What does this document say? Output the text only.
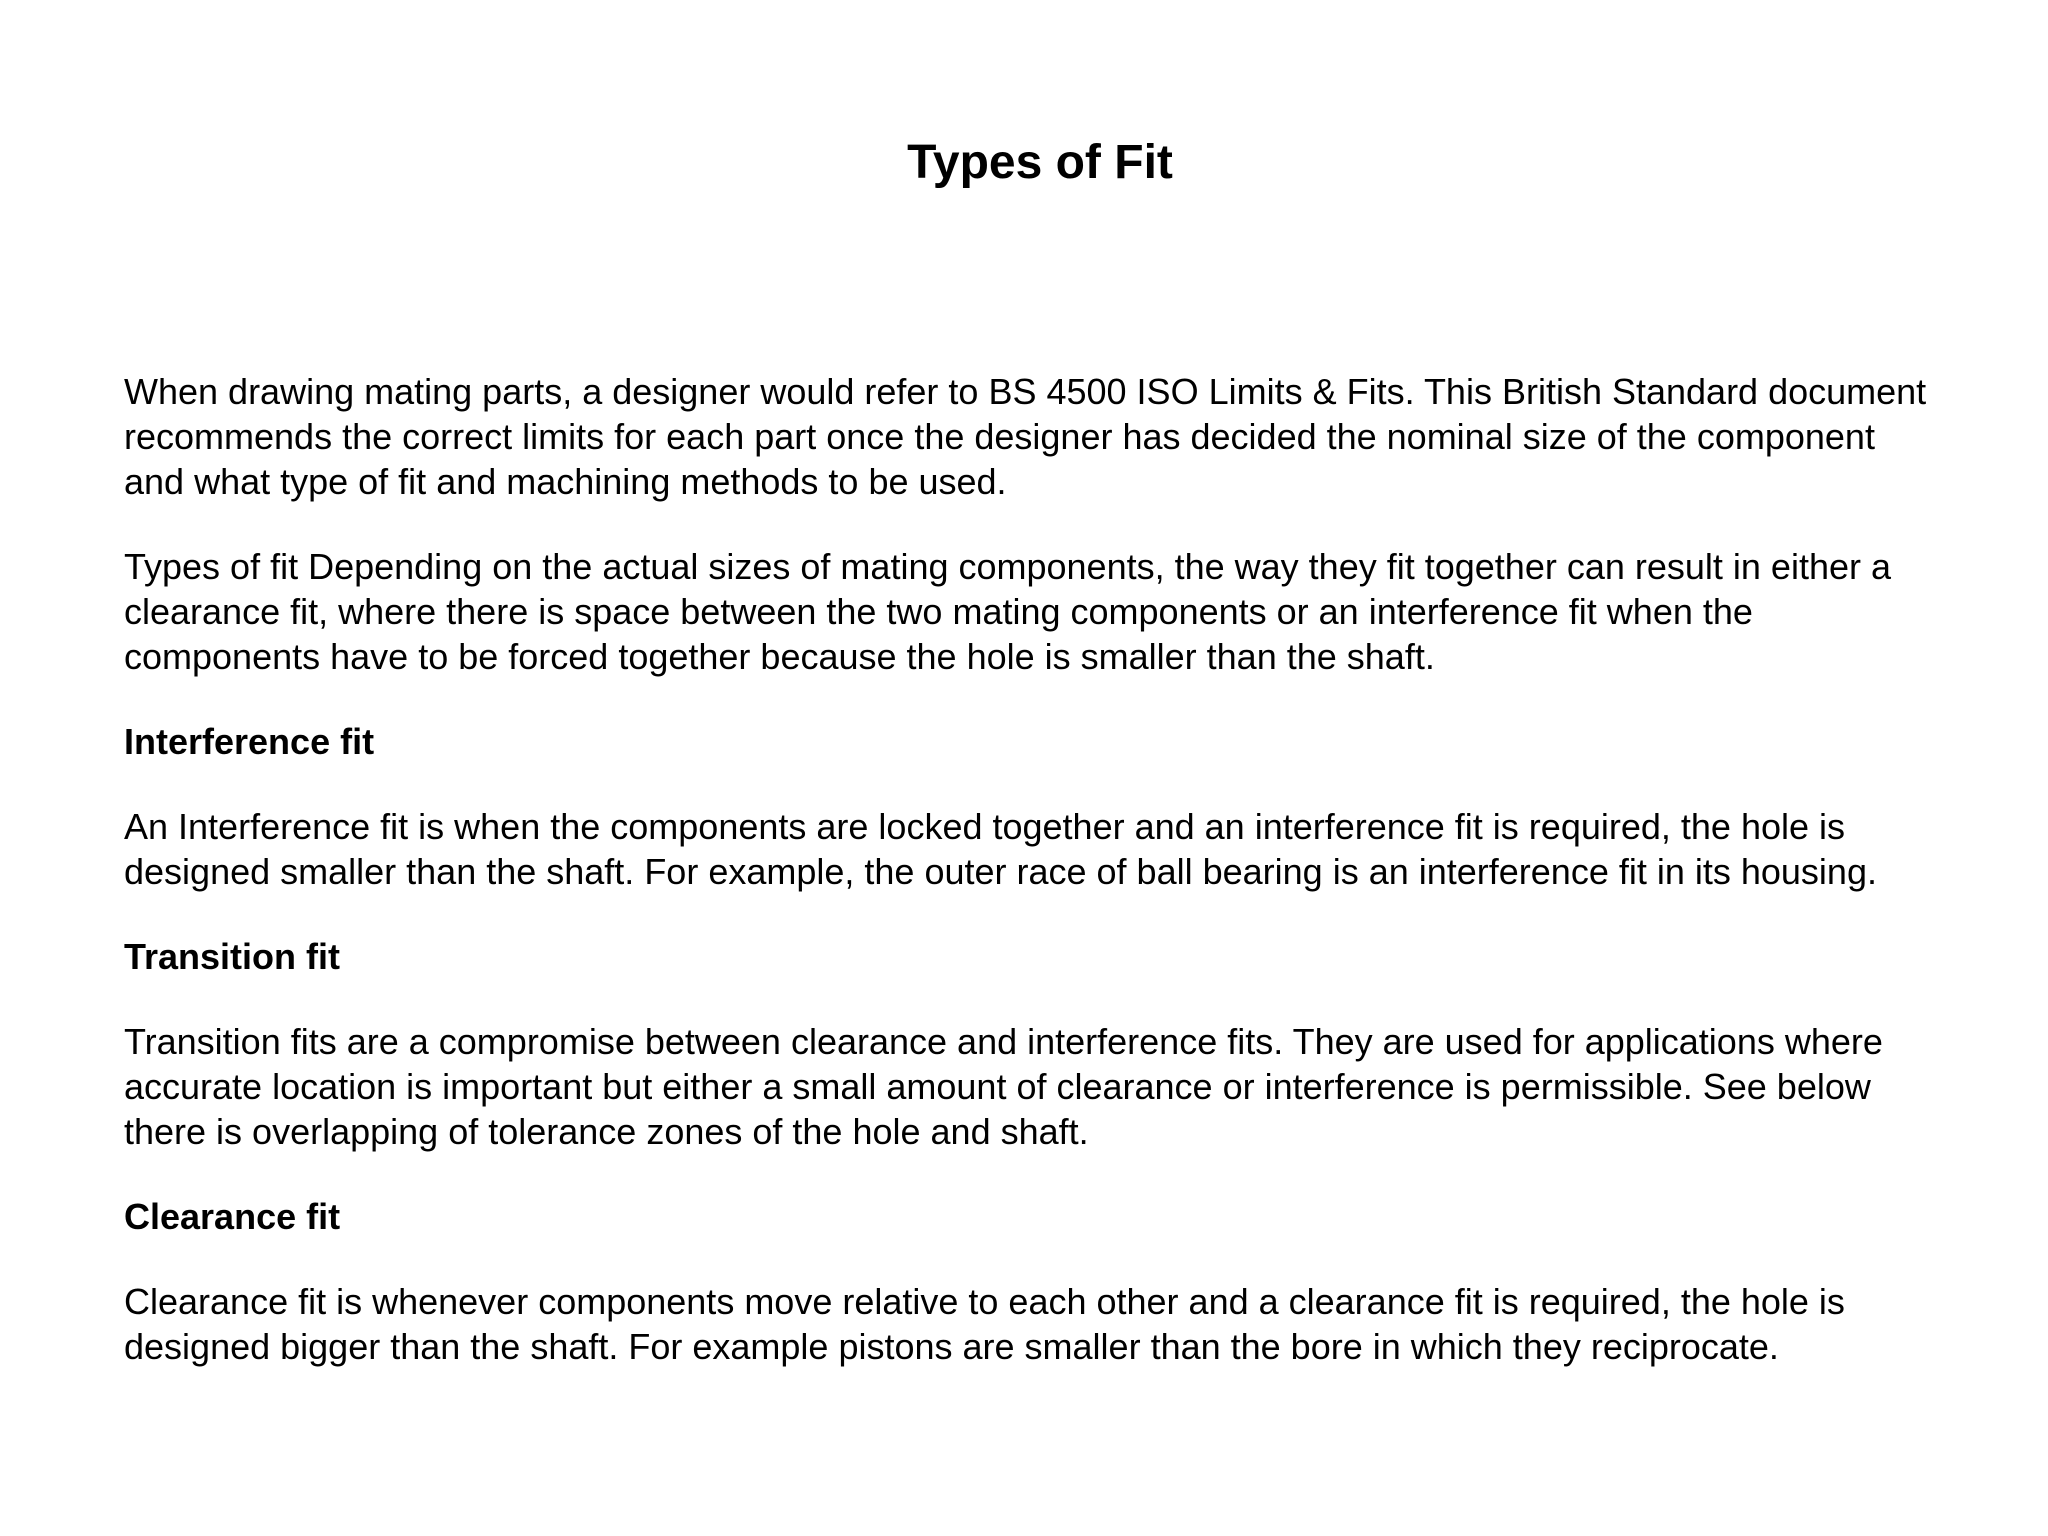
Types of Fit

When drawing mating parts, a designer would refer to BS 4500 ISO Limits & Fits. This British Standard document recommends the correct limits for each part once the designer has decided the nominal size of the component and what type of fit and machining methods to be used.

Types of fit Depending on the actual sizes of mating components, the way they fit together can result in either a clearance fit, where there is space between the two mating components or an interference fit when the components have to be forced together because the hole is smaller than the shaft.

Interference fit

An Interference fit is when the components are locked together and an interference fit is required, the hole is designed smaller than the shaft. For example, the outer race of ball bearing is an interference fit in its housing.

Transition fit

Transition fits are a compromise between clearance and interference fits. They are used for applications where accurate location is important but either a small amount of clearance or interference is permissible. See below there is overlapping of tolerance zones of the hole and shaft.

Clearance fit

Clearance fit is whenever components move relative to each other and a clearance fit is required, the hole is designed bigger than the shaft. For example pistons are smaller than the bore in which they reciprocate.
